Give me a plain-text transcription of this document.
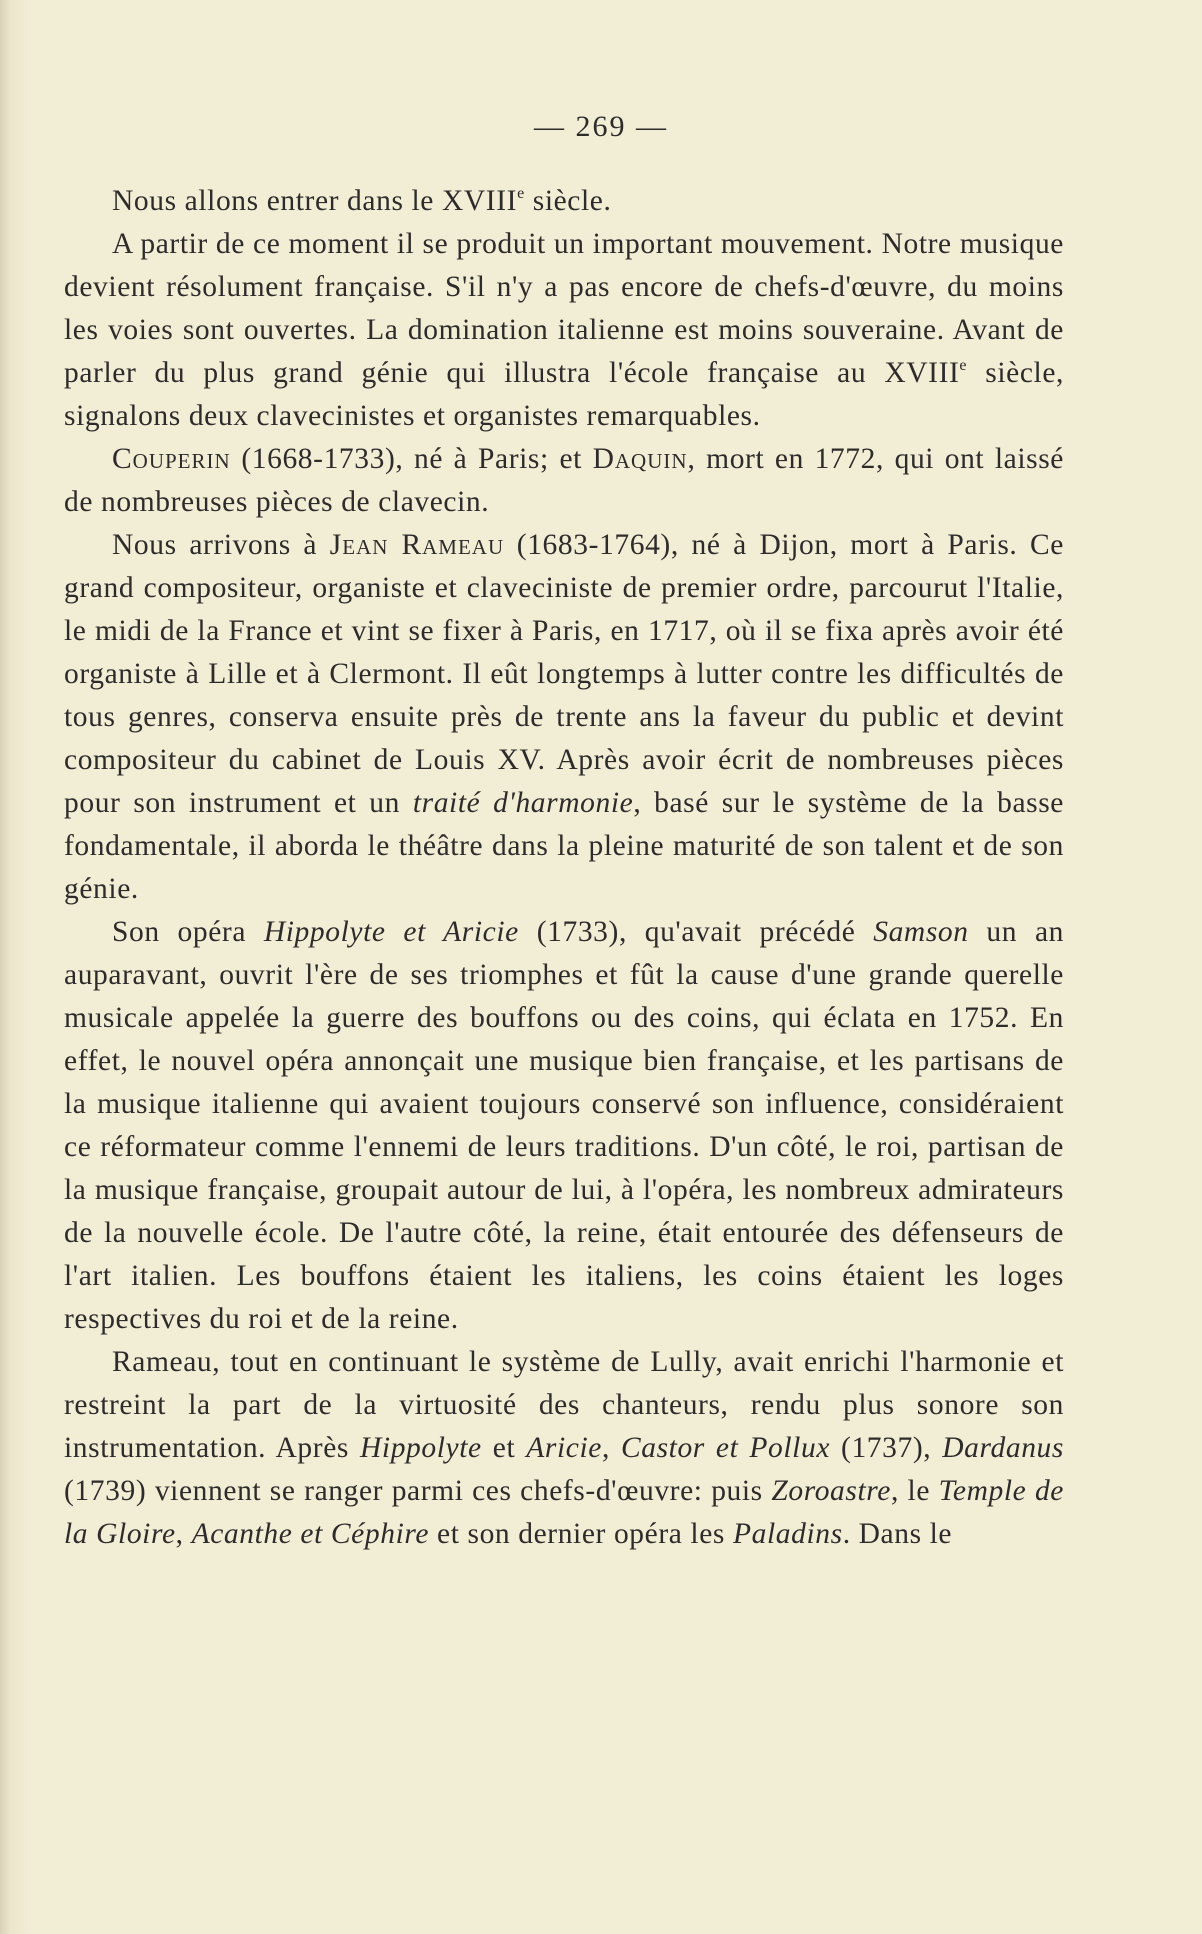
— 269 —

Nous allons entrer dans le XVIIIe siècle.

A partir de ce moment il se produit un important mouvement. Notre musique devient résolument française. S'il n'y a pas encore de chefs-d'œuvre, du moins les voies sont ouvertes. La domination italienne est moins souveraine. Avant de parler du plus grand génie qui illustra l'école française au XVIIIe siècle, signalons deux clavecinistes et organistes remarquables.

Couperin (1668-1733), né à Paris; et Daquin, mort en 1772, qui ont laissé de nombreuses pièces de clavecin.

Nous arrivons à Jean Rameau (1683-1764), né à Dijon, mort à Paris. Ce grand compositeur, organiste et claveciniste de premier ordre, parcourut l'Italie, le midi de la France et vint se fixer à Paris, en 1717, où il se fixa après avoir été organiste à Lille et à Clermont. Il eût longtemps à lutter contre les difficultés de tous genres, conserva ensuite près de trente ans la faveur du public et devint compositeur du cabinet de Louis XV. Après avoir écrit de nombreuses pièces pour son instrument et un traité d'harmonie, basé sur le système de la basse fondamentale, il aborda le théâtre dans la pleine maturité de son talent et de son génie.

Son opéra Hippolyte et Aricie (1733), qu'avait précédé Samson un an auparavant, ouvrit l'ère de ses triomphes et fût la cause d'une grande querelle musicale appelée la guerre des bouffons ou des coins, qui éclata en 1752. En effet, le nouvel opéra annonçait une musique bien française, et les partisans de la musique italienne qui avaient toujours conservé son influence, considéraient ce réformateur comme l'ennemi de leurs traditions. D'un côté, le roi, partisan de la musique française, groupait autour de lui, à l'opéra, les nombreux admirateurs de la nouvelle école. De l'autre côté, la reine, était entourée des défenseurs de l'art italien. Les bouffons étaient les italiens, les coins étaient les loges respectives du roi et de la reine.

Rameau, tout en continuant le système de Lully, avait enrichi l'harmonie et restreint la part de la virtuosité des chanteurs, rendu plus sonore son instrumentation. Après Hippolyte et Aricie, Castor et Pollux (1737), Dardanus (1739) viennent se ranger parmi ces chefs-d'œuvre: puis Zoroastre, le Temple de la Gloire, Acanthe et Céphire et son dernier opéra les Paladins. Dans le
